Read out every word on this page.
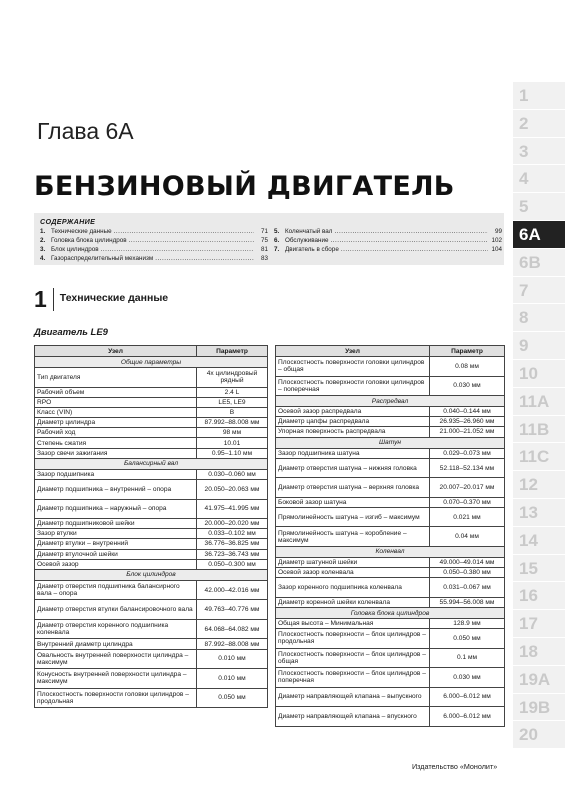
1
2
3
4
5
6А
6В
7
8
9
10
11А
11В
11С
12
13
14
15
16
17
18
19А
19В
20
Глава 6А
БЕНЗИНОВЫЙ ДВИГАТЕЛЬ
СОДЕРЖАНИЕ
1. Технические данные .....	71
2. Головка блока цилиндров .....	75
3. Блок цилиндров .....	81
4. Газораспределительный механизм .....	83
5. Коленчатый вал .....	99
6. Обслуживание .....	102
7. Двигатель в сборе .....	104
1	Технические данные
Двигатель LE9
Узел	Параметр
Общие параметры	
Тип двигателя	4х цилиндровый рядный
Рабочий объем	2.4 L
RPO	LE5, LE9
Класс (VIN)	B
Диаметр цилиндра	87.992–88.008 мм
Рабочий ход	98 мм
Степень сжатия	10.01
Зазор свечи зажигания	0.95–1.10 мм
Балансирный вал	
Зазор подшипника	0.030–0.060 мм
Диаметр подшипника – внутренний – опора	20.050–20.063 мм
Диаметр подшипника – наружный – опора	41.975–41.995 мм
Диаметр подшипниковой шейки	20.000–20.020 мм
Зазор втулки	0.033–0.102 мм
Диаметр втулки – внутренний	36.776–36.825 мм
Диаметр втулочной шейки	36.723–36.743 мм
Осевой зазор	0.050–0.300 мм
Блок цилиндров	
Диаметр отверстия подшипника балансирного вала – опора	42.000–42.016 мм
Диаметр отверстия втулки балансировочного вала	49.763–40.776 мм
Диаметр отверстия коренного подшипника коленвала	64.068–64.082 мм
Внутренний диаметр цилиндра	87.992–88.008 мм
Овальность внутренней поверхности цилиндра – максимум	0.010 мм
Конусность внутренней поверхности цилиндра – максимум	0.010 мм
Плоскостность поверхности головки цилиндров – продольная	0.050 мм
Узел	Параметр
Плоскостность поверхности головки цилиндров – общая	0.08 мм
Плоскостность поверхности головки цилиндров – поперечная	0.030 мм
Распредвал	
Осевой зазор распредвала	0.040–0.144 мм
Диаметр цапфы распредвала	26.935–26.960 мм
Упорная поверхность распредвала	21.000–21.052 мм
Шатун	
Зазор подшипника шатуна	0.029–0.073 мм
Диаметр отверстия шатуна – нижняя головка	52.118–52.134 мм
Диаметр отверстия шатуна – верхняя головка	20.007–20.017 мм
Боковой зазор шатуна	0.070–0.370 мм
Прямолинейность шатуна – изгиб – максимум	0.021 мм
Прямолинейность шатуна – коробление – максимум	0.04 мм
Коленвал	
Диаметр шатунной шейки	49.000–49.014 мм
Осевой зазор коленвала	0.050–0.380 мм
Зазор коренного подшипника коленвала	0.031–0.067 мм
Диаметр коренной шейки коленвала	55.994–56.008 мм
Головка блока цилиндров	
Общая высота – Минимальная	128.9 мм
Плоскостность поверхности – блок цилиндров – продольная	0.050 мм
Плоскостность поверхности – блок цилиндров – общая	0.1 мм
Плоскостность поверхности – блок цилиндров – поперечная	0.030 мм
Диаметр направляющей клапана – выпускного	6.000–6.012 мм
Диаметр направляющей клапана – впускного	6.000–6.012 мм
Издательство «Монолит»
